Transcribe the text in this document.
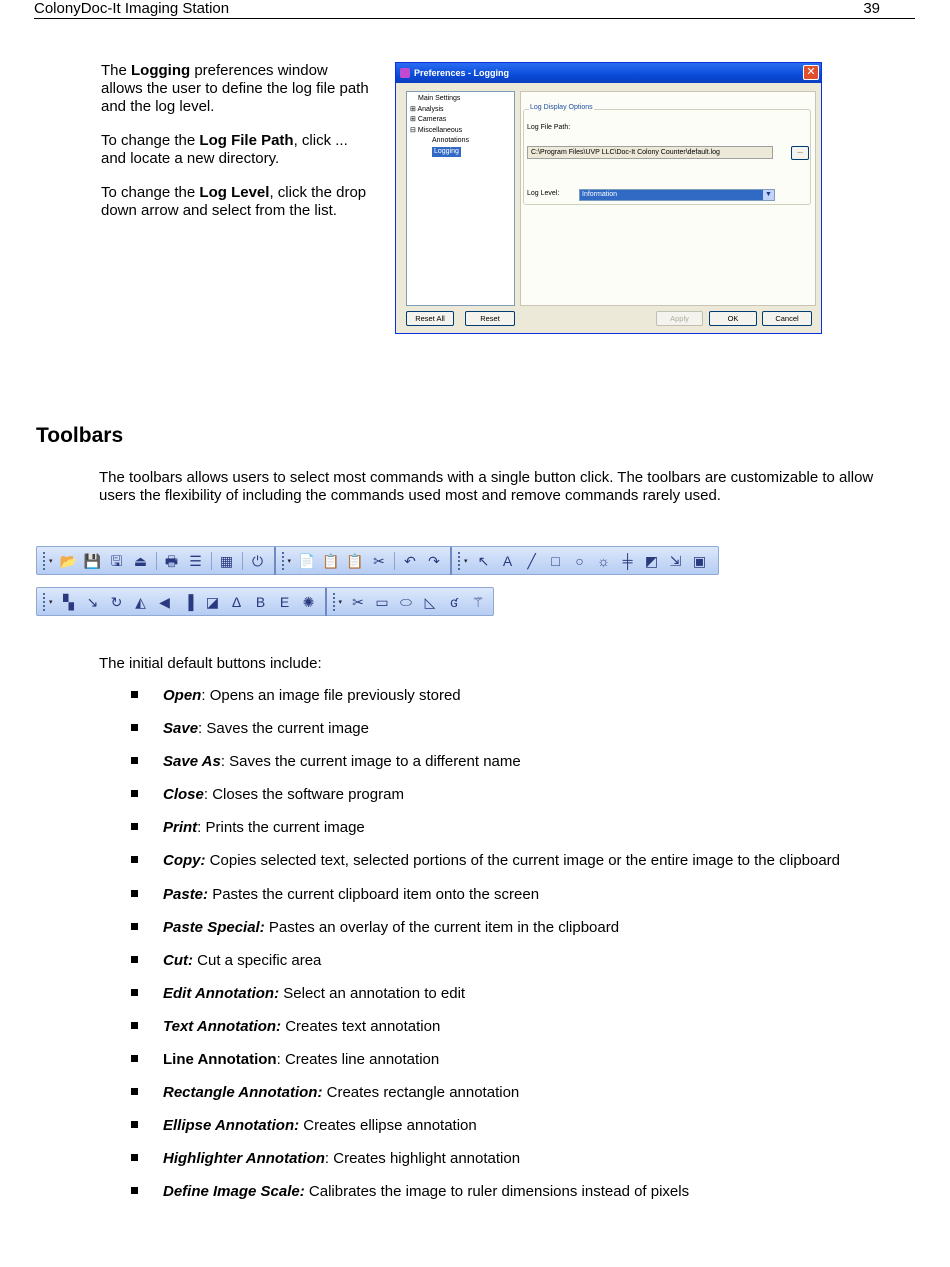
ColonyDoc-It Imaging Station	39

The Logging preferences window allows the user to define the log file path and the log level.

To change the Log File Path, click ... and locate a new directory.

To change the Log Level, click the drop down arrow and select from the list.

Preferences - Logging	✕
Main Settings
⊞ Analysis
⊞ Cameras
⊟ Miscellaneous
Annotations
Logging
Log Display Options
Log File Path:
C:\Program Files\UVP LLC\Doc-It Colony Counter\default.log	...
Log Level:	Information	▼
Reset All	Reset	Apply	OK	Cancel
Toolbars
The toolbars allows users to select most commands with a single button click. The toolbars are customizable to allow users the flexibility of including the commands used most and remove commands rarely used.
▾ 📂 💾 🖫 ⏏ 🖶 ☰ ▦ ⏻	▾ 📄 📋 📋 ✂ ↶ ↷	▾ ↖ A	╱	□	○ ☼ ╪ ◩ ⇲ ▣
▾ ▚ ↘ ↻ ◭ ◀ ▐ ◪ Δ	B	E ✺	▾ ✂ ▭ ⬭ ◺	ʛ ⚚
The initial default buttons include:
Open: Opens an image file previously stored
Save: Saves the current image
Save As: Saves the current image to a different name
Close: Closes the software program
Print: Prints the current image
Copy: Copies selected text, selected portions of the current image or the entire image to the clipboard
Paste: Pastes the current clipboard item onto the screen
Paste Special: Pastes an overlay of the current item in the clipboard
Cut: Cut a specific area
Edit Annotation: Select an annotation to edit
Text Annotation: Creates text annotation
Line Annotation: Creates line annotation
Rectangle Annotation: Creates rectangle annotation
Ellipse Annotation: Creates ellipse annotation
Highlighter Annotation: Creates highlight annotation
Define Image Scale: Calibrates the image to ruler dimensions instead of pixels
